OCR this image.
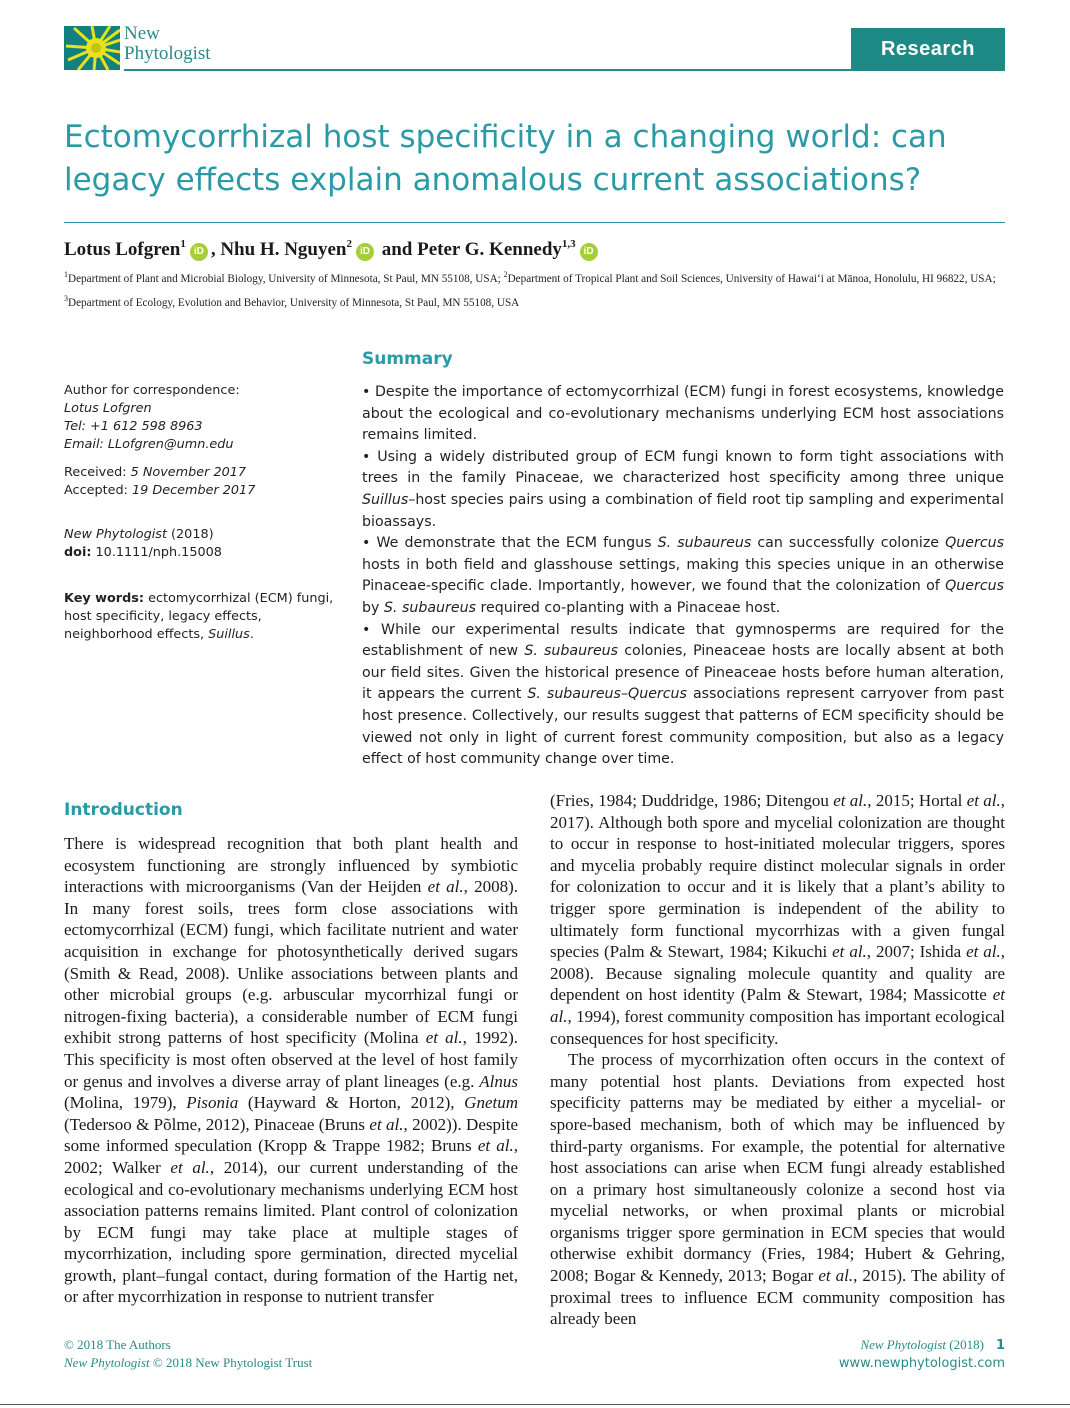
New
Phytologist	Research
Ectomycorrhizal host specificity in a changing world: can legacy effects explain anomalous current associations?
Lotus Lofgren$^1$iD , Nhu H. Nguyen$^2$iD and Peter G. Kennedy$^{1,3}$iD
$^1$Department of Plant and Microbial Biology, University of Minnesota, St Paul, MN 55108, USA; $^2$Department of Tropical Plant and Soil Sciences, University of Hawai‘i at Mānoa, Honolulu, HI 96822, USA; $^3$Department of Ecology, Evolution and Behavior, University of Minnesota, St Paul, MN 55108, USA

Author for correspondence:

Lotus Lofgren

Tel: +1 612 598 8963

Email: LLofgren@umn.edu

Received: 5 November 2017

Accepted: 19 December 2017

New Phytologist (2018)

doi: 10.1111/nph.15008

Key words: ectomycorrhizal (ECM) fungi, host specificity, legacy effects, neighborhood effects, Suillus.

Summary

• Despite the importance of ectomycorrhizal (ECM) fungi in forest ecosystems, knowledge about the ecological and co-evolutionary mechanisms underlying ECM host associations remains limited.

• Using a widely distributed group of ECM fungi known to form tight associations with trees in the family Pinaceae, we characterized host specificity among three unique Suillus–host species pairs using a combination of field root tip sampling and experimental bioassays.

• We demonstrate that the ECM fungus S. subaureus can successfully colonize Quercus hosts in both field and glasshouse settings, making this species unique in an otherwise Pinaceae-specific clade. Importantly, however, we found that the colonization of Quercus by S. subaureus required co-planting with a Pinaceae host.

• While our experimental results indicate that gymnosperms are required for the establishment of new S. subaureus colonies, Pineaceae hosts are locally absent at both our field sites. Given the historical presence of Pineaceae hosts before human alteration, it appears the current S. subaureus–Quercus associations represent carryover from past host presence. Collectively, our results suggest that patterns of ECM specificity should be viewed not only in light of current forest community composition, but also as a legacy effect of host community change over time.

Introduction

There is widespread recognition that both plant health and ecosystem functioning are strongly influenced by symbiotic interactions with microorganisms (Van der Heijden et al., 2008). In many forest soils, trees form close associations with ectomycorrhizal (ECM) fungi, which facilitate nutrient and water acquisition in exchange for photosynthetically derived sugars (Smith & Read, 2008). Unlike associations between plants and other microbial groups (e.g. arbuscular mycorrhizal fungi or nitrogen-fixing bacteria), a considerable number of ECM fungi exhibit strong patterns of host specificity (Molina et al., 1992). This specificity is most often observed at the level of host family or genus and involves a diverse array of plant lineages (e.g. Alnus (Molina, 1979), Pisonia (Hayward & Horton, 2012), Gnetum (Tedersoo & Põlme, 2012), Pinaceae (Bruns et al., 2002)). Despite some informed speculation (Kropp & Trappe 1982; Bruns et al., 2002; Walker et al., 2014), our current understanding of the ecological and co-evolutionary mechanisms underlying ECM host association patterns remains limited. Plant control of colonization by ECM fungi may take place at multiple stages of mycorrhization, including spore germination, directed mycelial growth, plant–fungal contact, during formation of the Hartig net, or after mycorrhization in response to nutrient transfer

(Fries, 1984; Duddridge, 1986; Ditengou et al., 2015; Hortal et al., 2017). Although both spore and mycelial colonization are thought to occur in response to host-initiated molecular triggers, spores and mycelia probably require distinct molecular signals in order for colonization to occur and it is likely that a plant’s ability to trigger spore germination is independent of the ability to ultimately form functional mycorrhizas with a given fungal species (Palm & Stewart, 1984; Kikuchi et al., 2007; Ishida et al., 2008). Because signaling molecule quantity and quality are dependent on host identity (Palm & Stewart, 1984; Massicotte et al., 1994), forest community composition has important ecological consequences for host specificity.

The process of mycorrhization often occurs in the context of many potential host plants. Deviations from expected host specificity patterns may be mediated by either a mycelial- or spore-based mechanism, both of which may be influenced by third-party organisms. For example, the potential for alternative host associations can arise when ECM fungi already established on a primary host simultaneously colonize a second host via mycelial networks, or when proximal plants or microbial organisms trigger spore germination in ECM species that would otherwise exhibit dormancy (Fries, 1984; Hubert & Gehring, 2008; Bogar & Kennedy, 2013; Bogar et al., 2015). The ability of proximal trees to influence ECM community composition has already been

© 2018 The Authors
New Phytologist © 2018 New Phytologist Trust
New Phytologist (2018) 1
www.newphytologist.com
